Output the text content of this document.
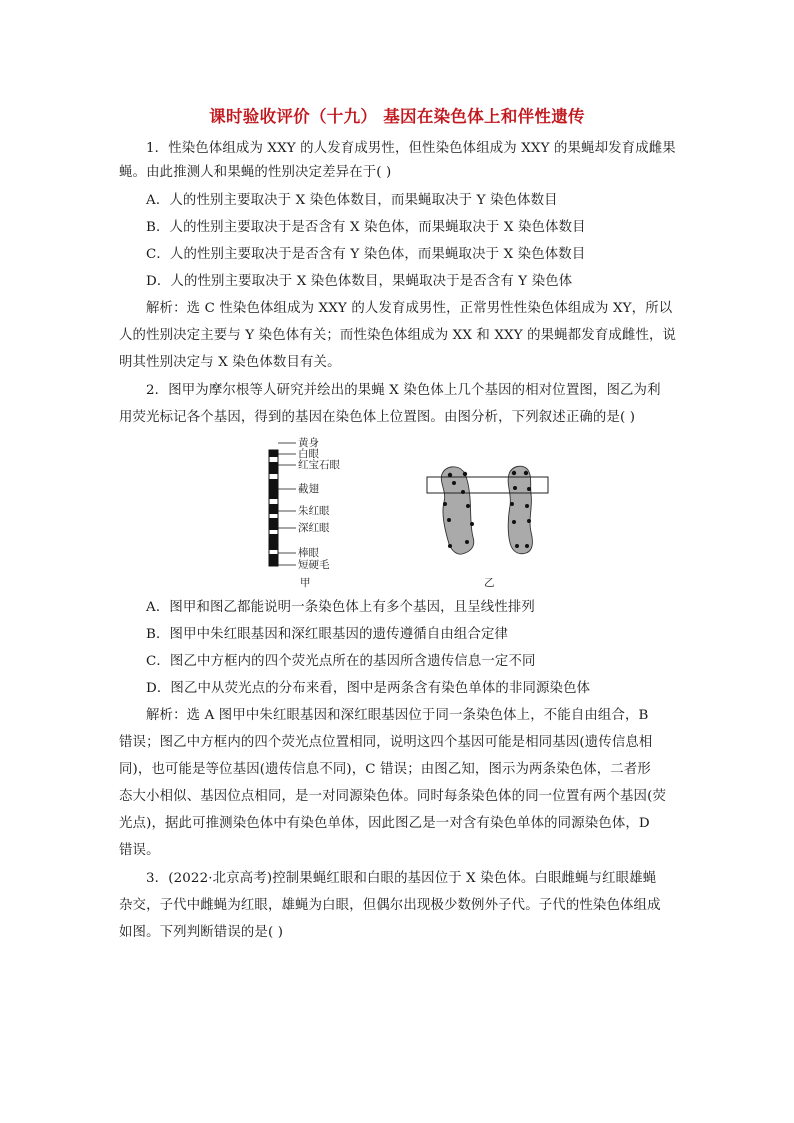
课时验收评价（十九） 基因在染色体上和伴性遗传
1．性染色体组成为 XXY 的人发育成男性，但性染色体组成为 XXY 的果蝇却发育成雌果
蝇。由此推测人和果蝇的性别决定差异在于( )
A．人的性别主要取决于 X 染色体数目，而果蝇取决于 Y 染色体数目
B．人的性别主要取决于是否含有 X 染色体，而果蝇取决于 X 染色体数目
C．人的性别主要取决于是否含有 Y 染色体，而果蝇取决于 X 染色体数目
D．人的性别主要取决于 X 染色体数目，果蝇取决于是否含有 Y 染色体
解析：选 C 性染色体组成为 XXY 的人发育成男性，正常男性性染色体组成为 XY，所以
人的性别决定主要与 Y 染色体有关；而性染色体组成为 XX 和 XXY 的果蝇都发育成雌性，说
明其性别决定与 X 染色体数目有关。
2．图甲为摩尔根等人研究并绘出的果蝇 X 染色体上几个基因的相对位置图，图乙为利
用荧光标记各个基因，得到的基因在染色体上位置图。由图分析，下列叙述正确的是( )
黄身
白眼
红宝石眼
截翅
朱红眼
深红眼
棒眼
短硬毛
甲	乙
A．图甲和图乙都能说明一条染色体上有多个基因，且呈线性排列
B．图甲中朱红眼基因和深红眼基因的遗传遵循自由组合定律
C．图乙中方框内的四个荧光点所在的基因所含遗传信息一定不同
D．图乙中从荧光点的分布来看，图中是两条含有染色单体的非同源染色体
解析：选 A 图甲中朱红眼基因和深红眼基因位于同一条染色体上，不能自由组合，B
错误；图乙中方框内的四个荧光点位置相同，说明这四个基因可能是相同基因(遗传信息相
同)，也可能是等位基因(遗传信息不同)，C 错误；由图乙知，图示为两条染色体，二者形
态大小相似、基因位点相同，是一对同源染色体。同时每条染色体的同一位置有两个基因(荧
光点)，据此可推测染色体中有染色单体，因此图乙是一对含有染色单体的同源染色体，D
错误。
3．(2022·北京高考)控制果蝇红眼和白眼的基因位于 X 染色体。白眼雌蝇与红眼雄蝇
杂交，子代中雌蝇为红眼，雄蝇为白眼，但偶尔出现极少数例外子代。子代的性染色体组成
如图。下列判断错误的是( )
